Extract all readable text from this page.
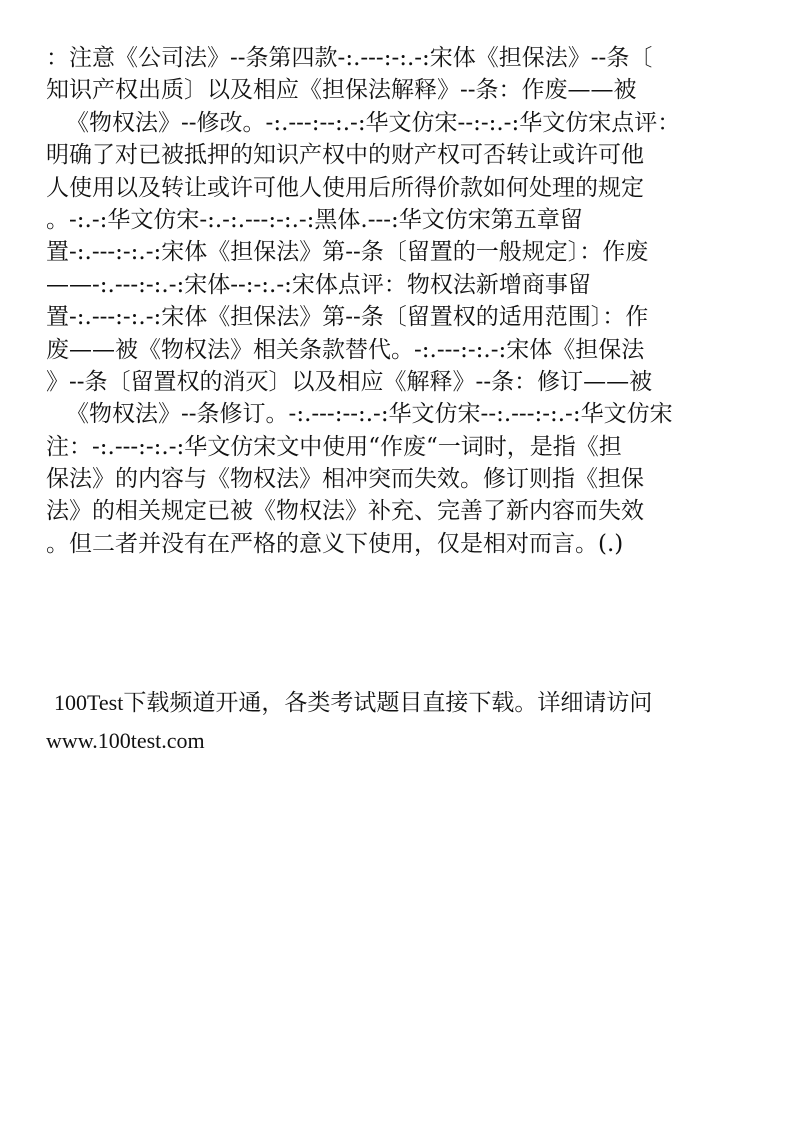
：注意《公司法》--条第四款-:.---:-:.-:宋体《担保法》--条〔
知识产权出质〕以及相应《担保法解释》--条：作废——被
《物权法》--修改。-:.---:--:.-:华文仿宋--:-:.-:华文仿宋点评：
明确了对已被抵押的知识产权中的财产权可否转让或许可他
人使用以及转让或许可他人使用后所得价款如何处理的规定
。-:.-:华文仿宋-:.-:.---:-:.-:黑体.---:华文仿宋第五章留
置-:.---:-:.-:宋体《担保法》第--条〔留置的一般规定〕：作废
——-:.---:-:.-:宋体--:-:.-:宋体点评：物权法新增商事留
置-:.---:-:.-:宋体《担保法》第--条〔留置权的适用范围〕：作
废——被《物权法》相关条款替代。-:.---:-:.-:宋体《担保法
》--条〔留置权的消灭〕以及相应《解释》--条：修订——被
《物权法》--条修订。-:.---:--:.-:华文仿宋--:.---:-:.-:华文仿宋
注：-:.---:-:.-:华文仿宋文中使用“作废“一词时，是指《担
保法》的内容与《物权法》相冲突而失效。修订则指《担保
法》的相关规定已被《物权法》补充、完善了新内容而失效
。但二者并没有在严格的意义下使用，仅是相对而言。(.)
100Test下载频道开通，各类考试题目直接下载。详细请访问
www.100test.com
